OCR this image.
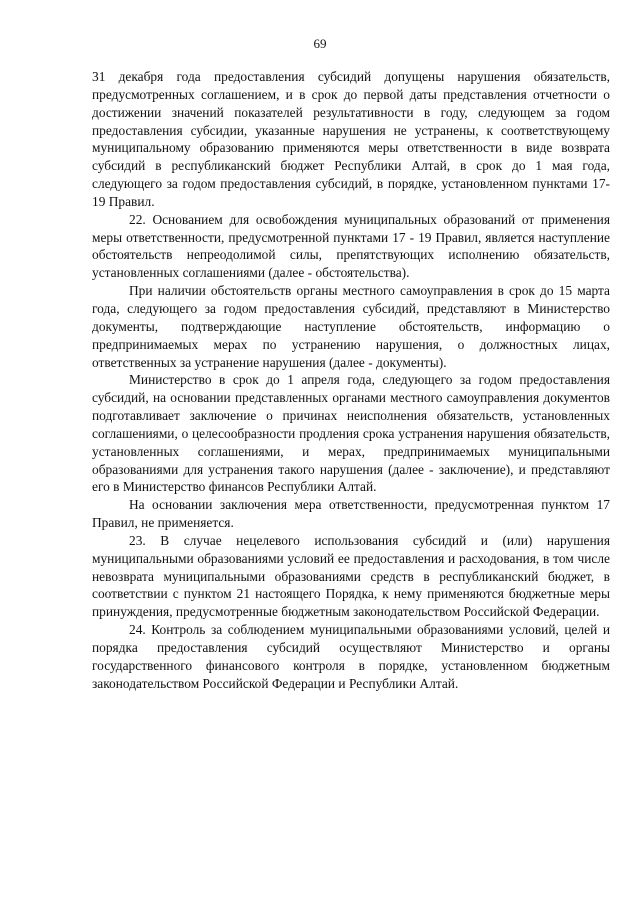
69

31 декабря года предоставления субсидий допущены нарушения обязательств, предусмотренных соглашением, и в срок до первой даты представления отчетности о достижении значений показателей результативности в году, следующем за годом предоставления субсидии, указанные нарушения не устранены, к соответствующему муниципальному образованию применяются меры ответственности в виде возврата субсидий в республиканский бюджет Республики Алтай, в срок до 1 мая года, следующего за годом предоставления субсидий, в порядке, установленном пунктами 17-19 Правил.

22. Основанием для освобождения муниципальных образований от применения меры ответственности, предусмотренной пунктами 17 - 19 Правил, является наступление обстоятельств непреодолимой силы, препятствующих исполнению обязательств, установленных соглашениями (далее - обстоятельства).

При наличии обстоятельств органы местного самоуправления в срок до 15 марта года, следующего за годом предоставления субсидий, представляют в Министерство документы, подтверждающие наступление обстоятельств, информацию о предпринимаемых мерах по устранению нарушения, о должностных лицах, ответственных за устранение нарушения (далее - документы).

Министерство в срок до 1 апреля года, следующего за годом предоставления субсидий, на основании представленных органами местного самоуправления документов подготавливает заключение о причинах неисполнения обязательств, установленных соглашениями, о целесообразности продления срока устранения нарушения обязательств, установленных соглашениями, и мерах, предпринимаемых муниципальными образованиями для устранения такого нарушения (далее - заключение), и представляют его в Министерство финансов Республики Алтай.

На основании заключения мера ответственности, предусмотренная пунктом 17 Правил, не применяется.

23. В случае нецелевого использования субсидий и (или) нарушения муниципальными образованиями условий ее предоставления и расходования, в том числе невозврата муниципальными образованиями средств в республиканский бюджет, в соответствии с пунктом 21 настоящего Порядка, к нему применяются бюджетные меры принуждения, предусмотренные бюджетным законодательством Российской Федерации.

24. Контроль за соблюдением муниципальными образованиями условий, целей и порядка предоставления субсидий осуществляют Министерство и органы государственного финансового контроля в порядке, установленном бюджетным законодательством Российской Федерации и Республики Алтай.
